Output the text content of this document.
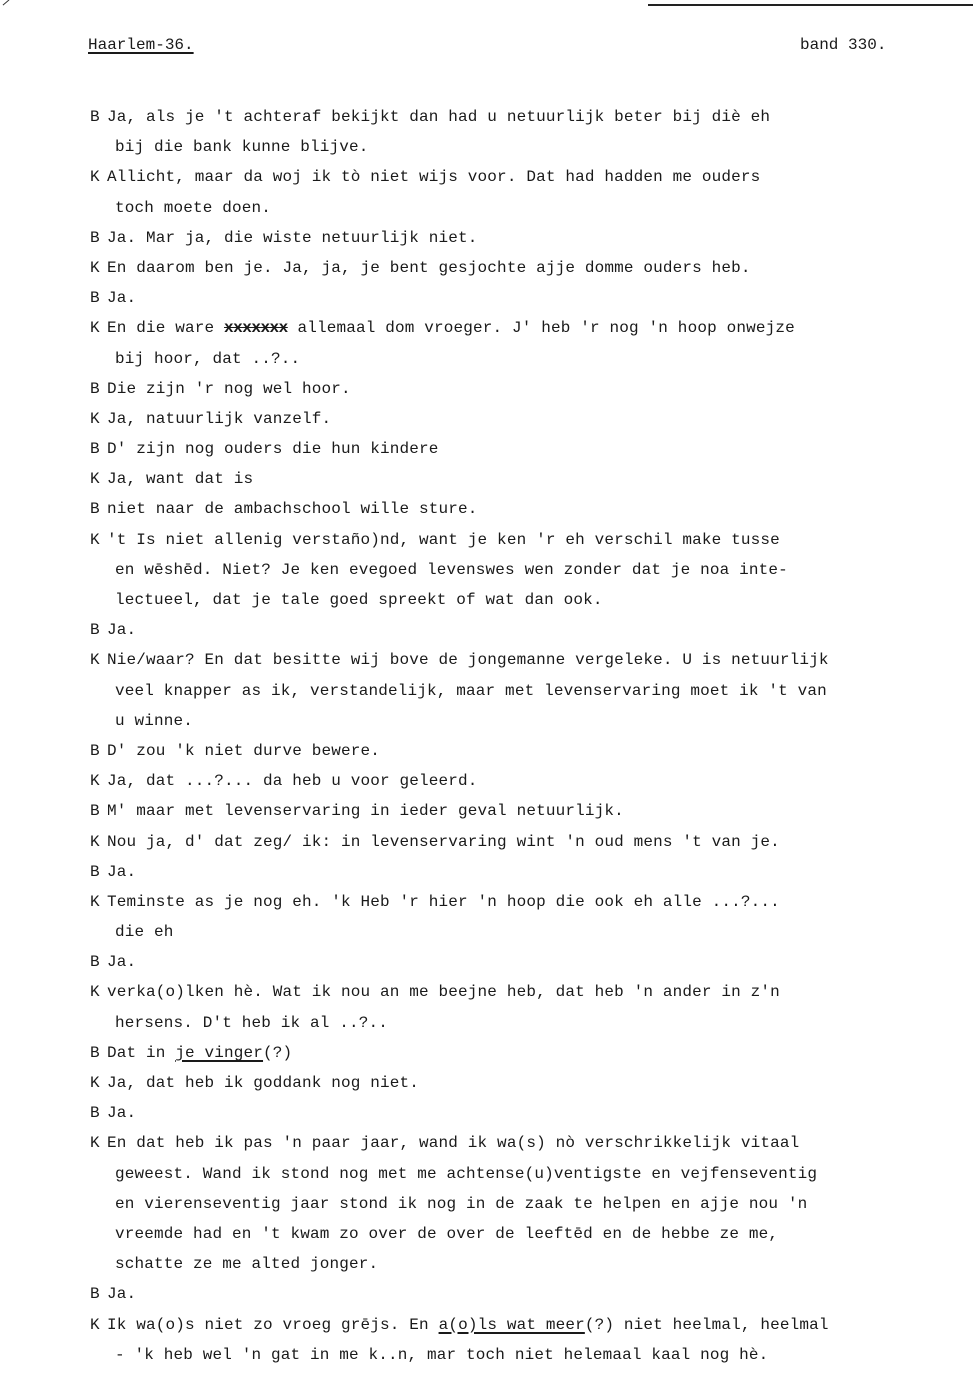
Haarlem-36.	band 330.
B Ja, als je 't achteraf bekijkt dan had u netuurlijk beter bij diè eh
bij die bank kunne blijve.
K Allicht, maar da woj ik tò niet wijs voor. Dat had hadden me ouders
toch moete doen.
B Ja. Mar ja, die wiste netuurlijk niet.
K En daarom ben je. Ja, ja, je bent gesjochte ajje domme ouders heb.
B Ja.
K En die ware xxxxxxx allemaal dom vroeger. J' heb 'r nog 'n hoop onwejze
bij hoor, dat ..?..
B Die zijn 'r nog wel hoor.
K Ja, natuurlijk vanzelf.
B D' zijn nog ouders die hun kindere
K Ja, want dat is
B niet naar de ambachschool wille sture.
K 't Is niet allenig verstaño)nd, want je ken 'r eh verschil make tusse
en wēshēd. Niet? Je ken evegoed levenswes wen zonder dat je noa inte-
lectueel, dat je tale goed spreekt of wat dan ook.
B Ja.
K Nie/waar? En dat besitte wij bove de jongemanne vergeleke. U is netuurlijk
veel knapper as ik, verstandelijk, maar met levenservaring moet ik 't van
u winne.
B D' zou 'k niet durve bewere.
K Ja, dat ...?... da heb u voor geleerd.
B M' maar met levenservaring in ieder geval netuurlijk.
K Nou ja, d' dat zeg/ ik: in levenservaring wint 'n oud mens 't van je.
B Ja.
K Teminste as je nog eh. 'k Heb 'r hier 'n hoop die ook eh alle ...?...
die eh
B Ja.
K verka(o)lken hè. Wat ik nou an me beejne heb, dat heb 'n ander in z'n
hersens. D't heb ik al ..?..
B Dat in je vinger(?)
K Ja, dat heb ik goddank nog niet.
B Ja.
K En dat heb ik pas 'n paar jaar, wand ik wa(s) nò verschrikkelijk vitaal
geweest. Wand ik stond nog met me achtense(u)ventigste en vejfenseventig
en vierenseventig jaar stond ik nog in de zaak te helpen en ajje nou 'n
vreemde had en 't kwam zo over de over de leeftēd en de hebbe ze me,
schatte ze me alted jonger.
B Ja.
K Ik wa(o)s niet zo vroeg grējs. En a(o)ls wat meer(?) niet heelmal, heelmal
- 'k heb wel 'n gat in me k..n, mar toch niet helemaal kaal nog hè.
